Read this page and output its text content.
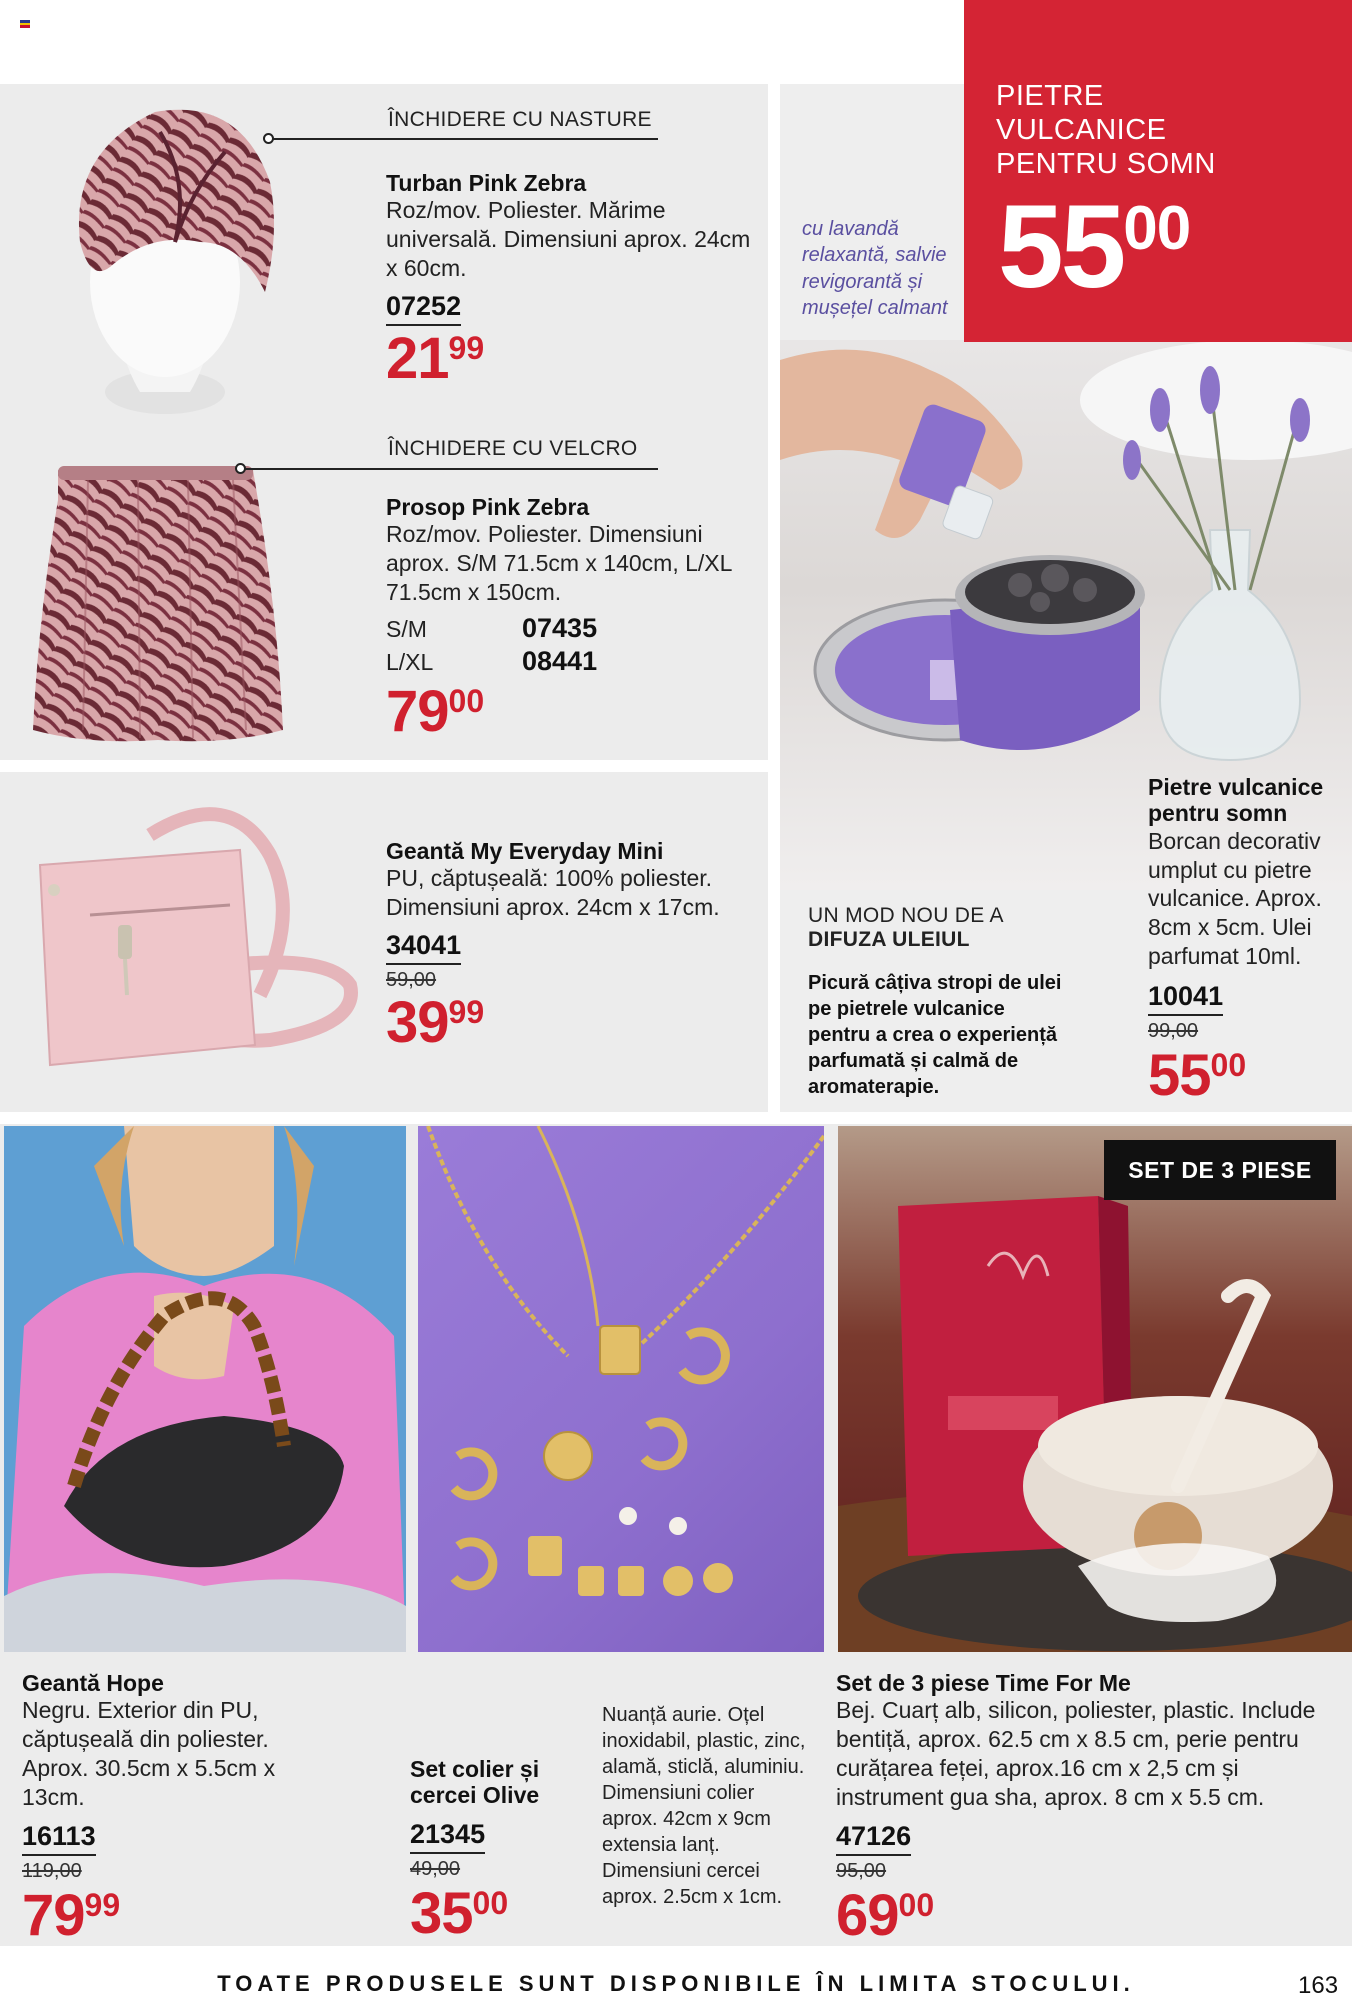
ÎNCHIDERE CU NASTURE
Turban Pink Zebra
Roz/mov. Poliester. Mărime universală. Dimensiuni aprox. 24cm x 60cm.
07252
$21^{99}$
ÎNCHIDERE CU VELCRO
Prosop Pink Zebra
Roz/mov. Poliester. Dimensiuni aprox. S/M 71.5cm x 140cm, L/XL 71.5cm x 150cm.
S/M	07435
L/XL	08441
$79^{00}$
Geantă My Everyday Mini
PU, căptușeală: 100% poliester. Dimensiuni aprox. 24cm x 17cm.
34041
59,00
$39^{99}$
PIETRE VULCANICE PENTRU SOMN
$55^{00}$
cu lavandă relaxantă, salvie revigorantă și mușețel calmant
UN MOD NOU DE A
DIFUZA ULEIUL
Picură câțiva stropi de ulei pe pietrele vulcanice pentru a crea o experiență parfumată și calmă de aromaterapie.
Pietre vulcanice pentru somn
Borcan decorativ umplut cu pietre vulcanice. Aprox. 8cm x 5cm. Ulei parfumat 10ml.
10041
99,00
$55^{00}$
SET DE 3 PIESE
Geantă Hope
Negru. Exterior din PU, căptușeală din poliester. Aprox. 30.5cm x 5.5cm x 13cm.
16113
119,00
$79^{99}$
Set colier și cercei Olive
21345
49,00
$35^{00}$
Nuanță aurie. Oțel inoxidabil, plastic, zinc, alamă, sticlă, aluminiu. Dimensiuni colier aprox. 42cm x 9cm extensia lanț. Dimensiuni cercei aprox. 2.5cm x 1cm.
Set de 3 piese Time For Me
Bej. Cuarț alb, silicon, poliester, plastic. Include bentiță, aprox. 62.5 cm x 8.5 cm, perie pentru curățarea feței, aprox.16 cm x 2,5 cm și instrument gua sha, aprox. 8 cm x 5.5 cm.
47126
95,00
$69^{00}$
TOATE PRODUSELE SUNT DISPONIBILE ÎN LIMITA STOCULUI.	163
